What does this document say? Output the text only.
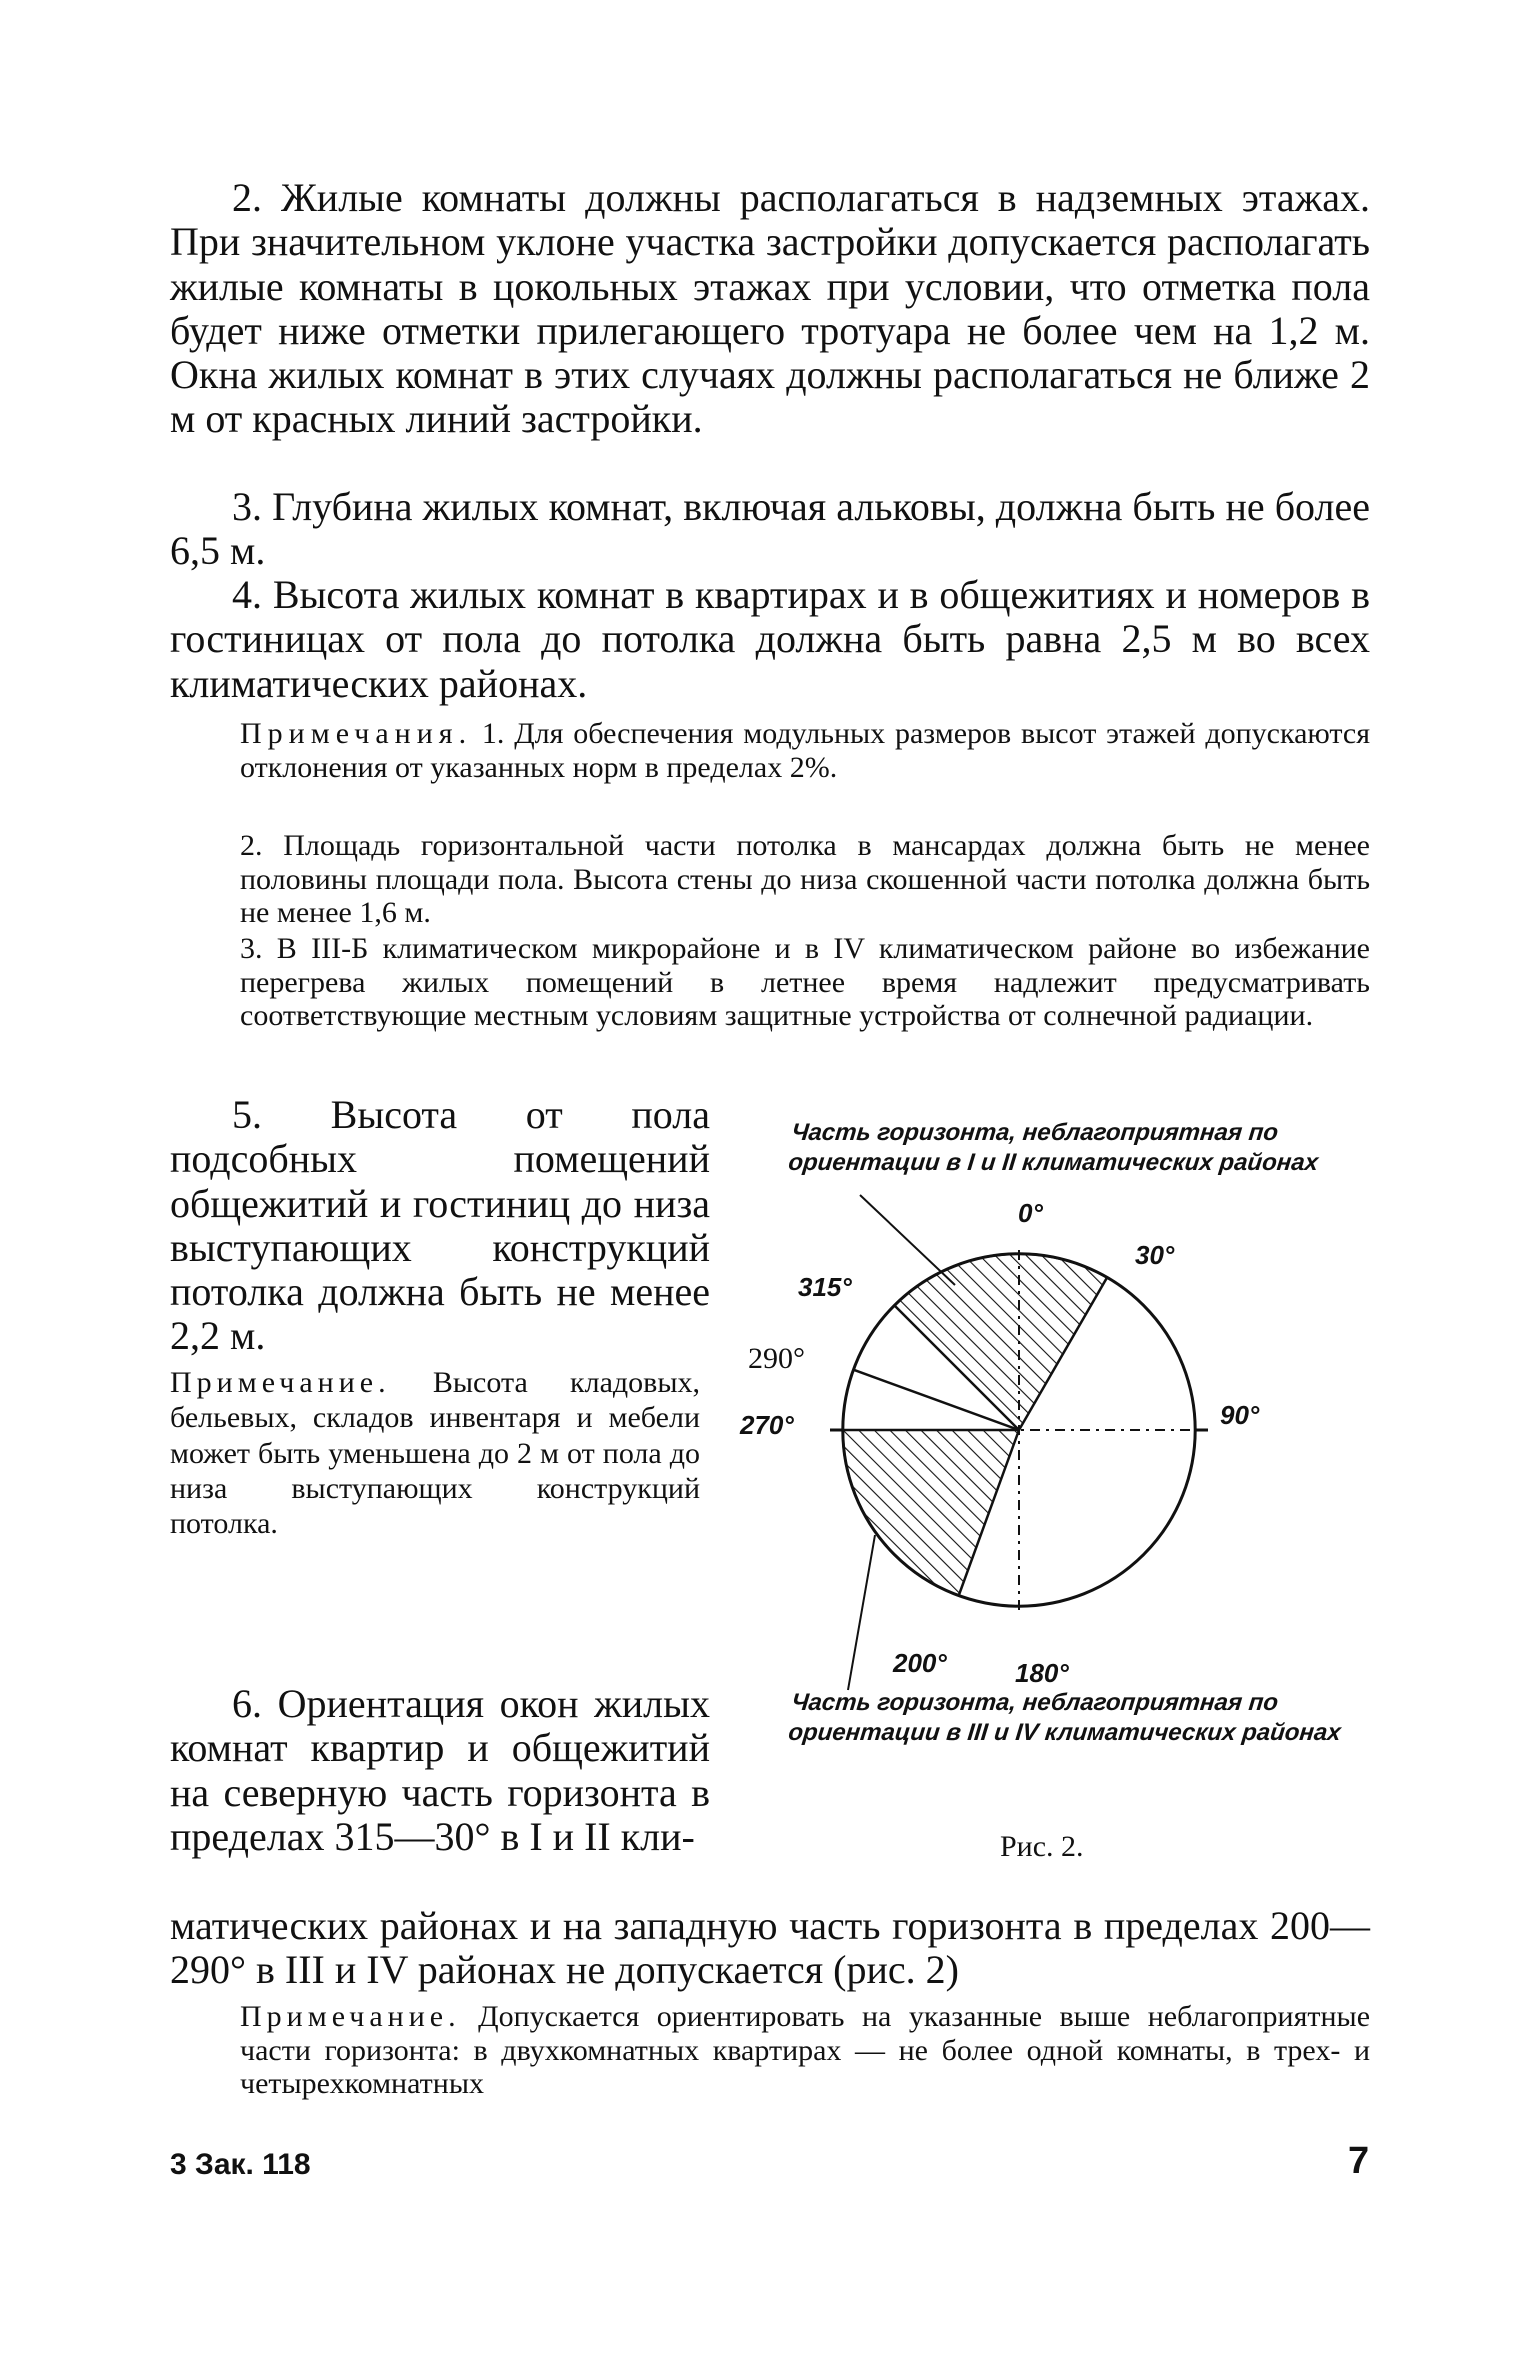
2. Жилые комнаты должны располагаться в надземных этажах. При значительном уклоне участка застройки допускается располагать жилые комнаты в цокольных этажах при условии, что отметка пола будет ниже отметки прилегающего тротуара не более чем на 1,2 м. Окна жилых комнат в этих случаях должны располагаться не ближе 2 м от красных линий застройки.

3. Глубина жилых комнат, включая альковы, должна быть не более 6,5 м.

4. Высота жилых комнат в квартирах и в общежитиях и номеров в гостиницах от пола до потолка должна быть равна 2,5 м во всех климатических районах.

Примечания. 1. Для обеспечения модульных размеров высот этажей допускаются отклонения от указанных норм в пределах 2%.

2. Площадь горизонтальной части потолка в мансардах должна быть не менее половины площади пола. Высота стены до низа скошенной части потолка должна быть не менее 1,6 м.

3. В III-Б климатическом микрорайоне и в IV климатическом районе во избежание перегрева жилых помещений в летнее время надлежит предусматривать соответствующие местным условиям защитные устройства от солнечной радиации.

5. Высота от пола подсобных помещений общежитий и гостиниц до низа выступающих конструкций потолка должна быть не менее 2,2 м.

Примечание. Высота кладовых, бельевых, складов инвентаря и мебели может быть уменьшена до 2 м от пола до низа выступающих конструкций потолка.

6. Ориентация окон жилых комнат квартир и общежитий на северную часть горизонта в пределах 315—30° в I и II кли-

матических районах и на западную часть горизонта в пределах 200—290° в III и IV районах не допускается (рис. 2)

Примечание. Допускается ориентировать на указанные выше неблагоприятные части горизонта: в двухкомнатных квартирах — не более одной комнаты, в трех- и четырехкомнатных

Часть горизонта, неблагоприятная по ориентации в I и II климатических районах
Часть горизонта, неблагоприятная по ориентации в III и IV климатических районах
0°
30°
90°
180°
200°
270°
290°
315°
Рис. 2.
3 Зак. 118	7
